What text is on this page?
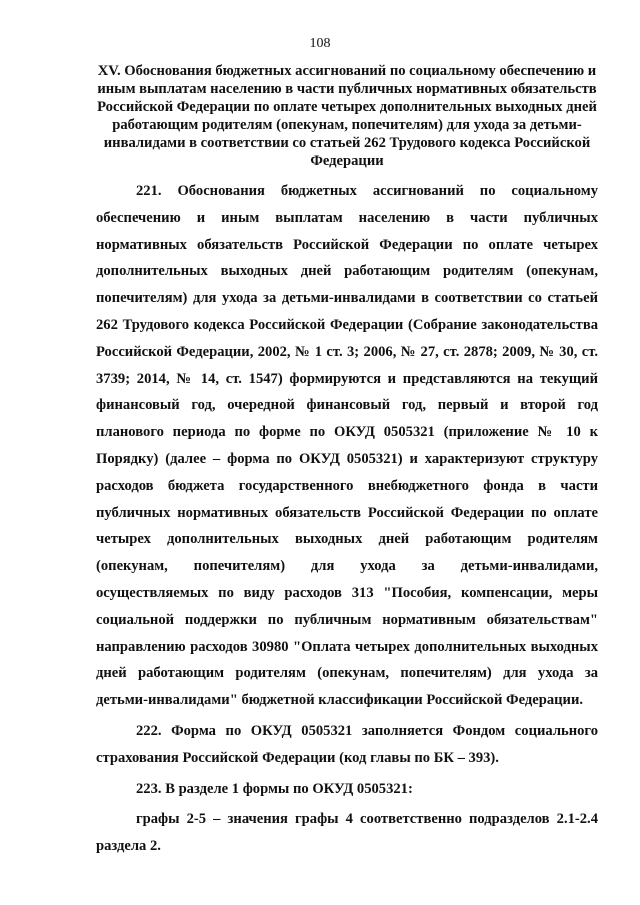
108
XV. Обоснования бюджетных ассигнований по социальному обеспечению и иным выплатам населению в части публичных нормативных обязательств Российской Федерации по оплате четырех дополнительных выходных дней работающим родителям (опекунам, попечителям) для ухода за детьми-инвалидами в соответствии со статьей 262 Трудового кодекса Российской Федерации

221. Обоснования бюджетных ассигнований по социальному обеспечению и иным выплатам населению в части публичных нормативных обязательств Российской Федерации по оплате четырех дополнительных выходных дней работающим родителям (опекунам, попечителям) для ухода за детьми-инвалидами в соответствии со статьей 262 Трудового кодекса Российской Федерации (Собрание законодательства Российской Федерации, 2002, № 1 ст. 3; 2006, № 27, ст. 2878; 2009, № 30, ст. 3739; 2014, № 14, ст. 1547) формируются и представляются на текущий финансовый год, очередной финансовый год, первый и второй год планового периода по форме по ОКУД 0505321 (приложение № 10 к Порядку) (далее – форма по ОКУД 0505321) и характеризуют структуру расходов бюджета государственного внебюджетного фонда в части публичных нормативных обязательств Российской Федерации по оплате четырех дополнительных выходных дней работающим родителям (опекунам, попечителям) для ухода за детьми-инвалидами, осуществляемых по виду расходов 313 "Пособия, компенсации, меры социальной поддержки по публичным нормативным обязательствам" направлению расходов 30980 "Оплата четырех дополнительных выходных дней работающим родителям (опекунам, попечителям) для ухода за детьми-инвалидами" бюджетной классификации Российской Федерации.

222. Форма по ОКУД 0505321 заполняется Фондом социального страхования Российской Федерации (код главы по БК – 393).

223. В разделе 1 формы по ОКУД 0505321:

графы 2-5 – значения графы 4 соответственно подразделов 2.1-2.4 раздела 2.
